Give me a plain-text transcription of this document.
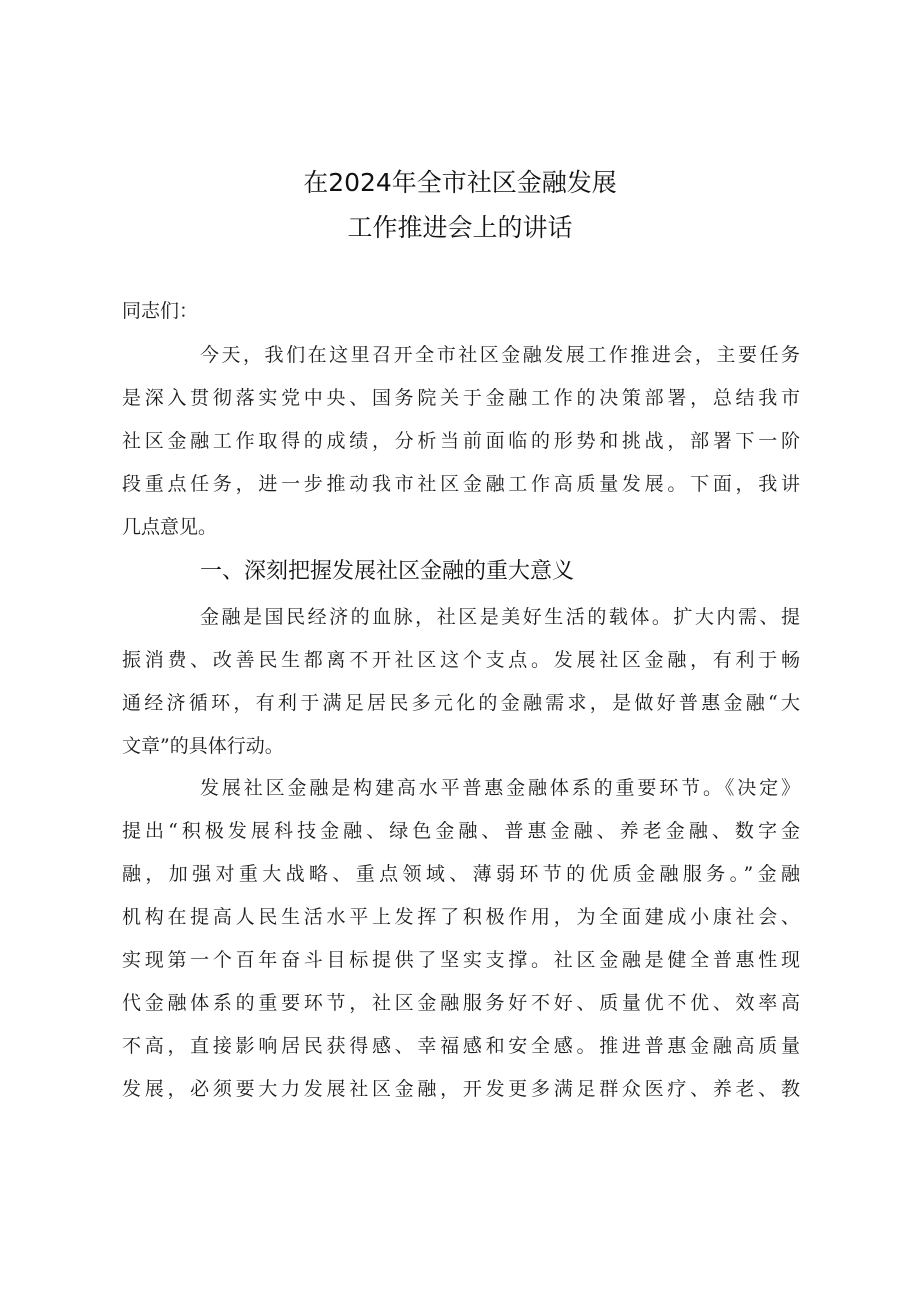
在2024年全市社区金融发展
工作推进会上的讲话
同志们：
今天，我们在这里召开全市社区金融发展工作推进会，主要任务
是深入贯彻落实党中央、国务院关于金融工作的决策部署，总结我市
社区金融工作取得的成绩，分析当前面临的形势和挑战，部署下一阶
段重点任务，进一步推动我市社区金融工作高质量发展。下面，我讲
几点意见。
一、深刻把握发展社区金融的重大意义
金融是国民经济的血脉，社区是美好生活的载体。扩大内需、提
振消费、改善民生都离不开社区这个支点。发展社区金融，有利于畅
通经济循环，有利于满足居民多元化的金融需求，是做好普惠金融“大
文章”的具体行动。
发展社区金融是构建高水平普惠金融体系的重要环节。《决定》
提出“积极发展科技金融、绿色金融、普惠金融、养老金融、数字金
融，加强对重大战略、重点领域、薄弱环节的优质金融服务。”金融
机构在提高人民生活水平上发挥了积极作用，为全面建成小康社会、
实现第一个百年奋斗目标提供了坚实支撑。社区金融是健全普惠性现
代金融体系的重要环节，社区金融服务好不好、质量优不优、效率高
不高，直接影响居民获得感、幸福感和安全感。推进普惠金融高质量
发展，必须要大力发展社区金融，开发更多满足群众医疗、养老、教
